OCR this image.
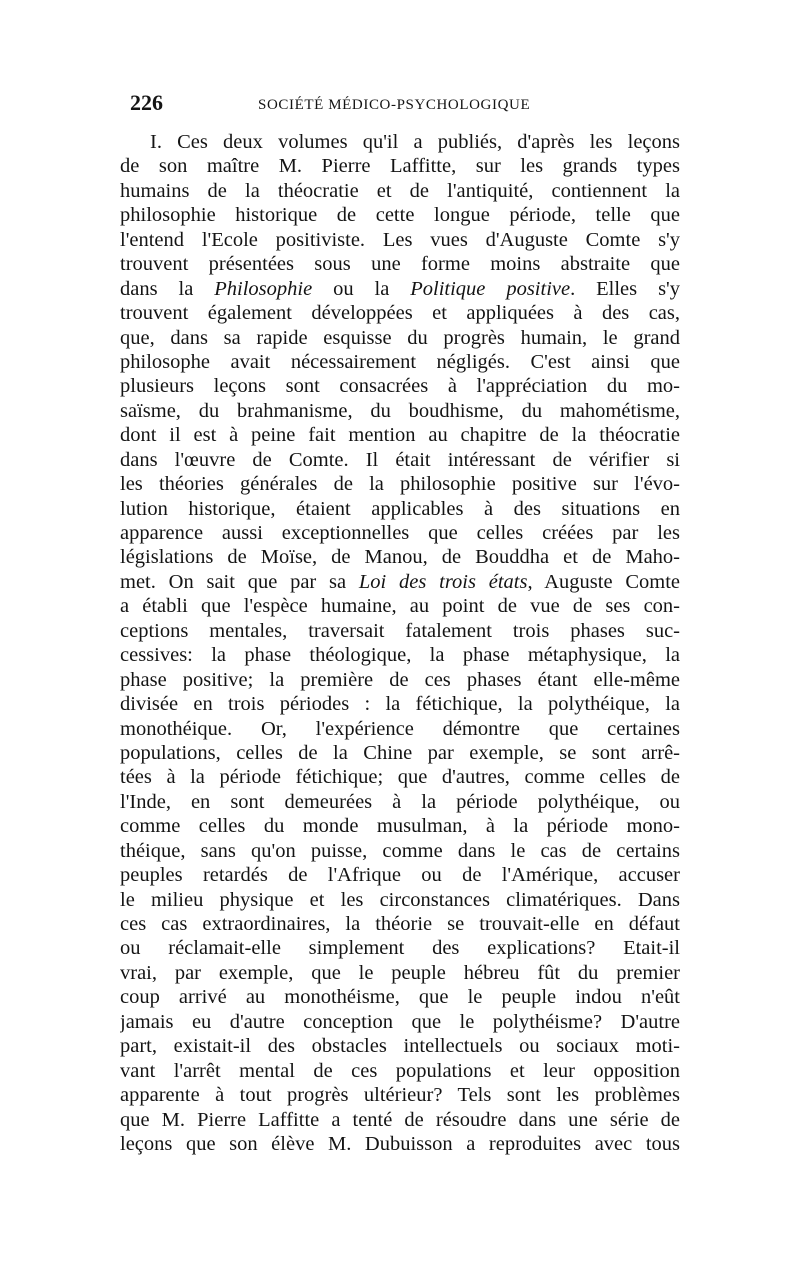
226	SOCIÉTÉ MÉDICO-PSYCHOLOGIQUE
I. Ces deux volumes qu'il a publiés, d'après les leçons
de son maître M. Pierre Laffitte, sur les grands types
humains de la théocratie et de l'antiquité, contiennent la
philosophie historique de cette longue période, telle que
l'entend l'Ecole positiviste. Les vues d'Auguste Comte s'y
trouvent présentées sous une forme moins abstraite que
dans la Philosophie ou la Politique positive. Elles s'y
trouvent également développées et appliquées à des cas,
que, dans sa rapide esquisse du progrès humain, le grand
philosophe avait nécessairement négligés. C'est ainsi que
plusieurs leçons sont consacrées à l'appréciation du mo-
saïsme, du brahmanisme, du boudhisme, du mahométisme,
dont il est à peine fait mention au chapitre de la théocratie
dans l'œuvre de Comte. Il était intéressant de vérifier si
les théories générales de la philosophie positive sur l'évo-
lution historique, étaient applicables à des situations en
apparence aussi exceptionnelles que celles créées par les
législations de Moïse, de Manou, de Bouddha et de Maho-
met. On sait que par sa Loi des trois états, Auguste Comte
a établi que l'espèce humaine, au point de vue de ses con-
ceptions mentales, traversait fatalement trois phases suc-
cessives: la phase théologique, la phase métaphysique, la
phase positive; la première de ces phases étant elle-même
divisée en trois périodes : la fétichique, la polythéique, la
monothéique. Or, l'expérience démontre que certaines
populations, celles de la Chine par exemple, se sont arrê-
tées à la période fétichique; que d'autres, comme celles de
l'Inde, en sont demeurées à la période polythéique, ou
comme celles du monde musulman, à la période mono-
théique, sans qu'on puisse, comme dans le cas de certains
peuples retardés de l'Afrique ou de l'Amérique, accuser
le milieu physique et les circonstances climatériques. Dans
ces cas extraordinaires, la théorie se trouvait-elle en défaut
ou réclamait-elle simplement des explications? Etait-il
vrai, par exemple, que le peuple hébreu fût du premier
coup arrivé au monothéisme, que le peuple indou n'eût
jamais eu d'autre conception que le polythéisme? D'autre
part, existait-il des obstacles intellectuels ou sociaux moti-
vant l'arrêt mental de ces populations et leur opposition
apparente à tout progrès ultérieur? Tels sont les problèmes
que M. Pierre Laffitte a tenté de résoudre dans une série de
leçons que son élève M. Dubuisson a reproduites avec tous
